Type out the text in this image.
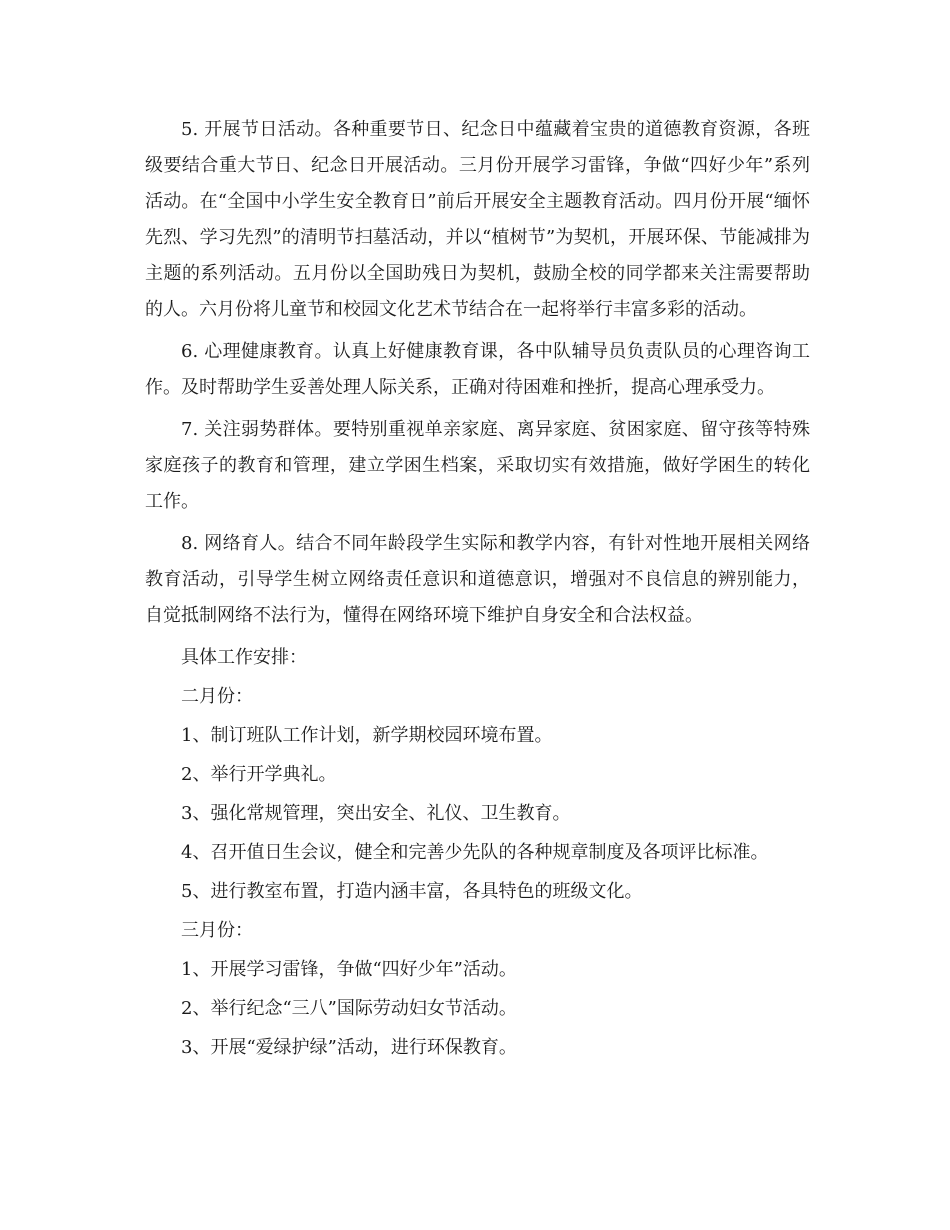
5. 开展节日活动。各种重要节日、纪念日中蕴藏着宝贵的道德教育资源，各班级要结合重大节日、纪念日开展活动。三月份开展学习雷锋，争做“四好少年”系列活动。在“全国中小学生安全教育日”前后开展安全主题教育活动。四月份开展“缅怀先烈、学习先烈”的清明节扫墓活动，并以“植树节”为契机，开展环保、节能减排为主题的系列活动。五月份以全国助残日为契机，鼓励全校的同学都来关注需要帮助的人。六月份将儿童节和校园文化艺术节结合在一起将举行丰富多彩的活动。

6. 心理健康教育。认真上好健康教育课，各中队辅导员负责队员的心理咨询工作。及时帮助学生妥善处理人际关系，正确对待困难和挫折，提高心理承受力。

7. 关注弱势群体。要特别重视单亲家庭、离异家庭、贫困家庭、留守孩等特殊家庭孩子的教育和管理，建立学困生档案，采取切实有效措施，做好学困生的转化工作。

8. 网络育人。结合不同年龄段学生实际和教学内容，有针对性地开展相关网络教育活动，引导学生树立网络责任意识和道德意识，增强对不良信息的辨别能力，自觉抵制网络不法行为，懂得在网络环境下维护自身安全和合法权益。

具体工作安排：

二月份：

1、制订班队工作计划，新学期校园环境布置。

2、举行开学典礼。

3、强化常规管理，突出安全、礼仪、卫生教育。

4、召开值日生会议，健全和完善少先队的各种规章制度及各项评比标准。

5、进行教室布置，打造内涵丰富，各具特色的班级文化。

三月份：

1、开展学习雷锋，争做“四好少年”活动。

2、举行纪念“三八”国际劳动妇女节活动。

3、开展“爱绿护绿”活动，进行环保教育。
